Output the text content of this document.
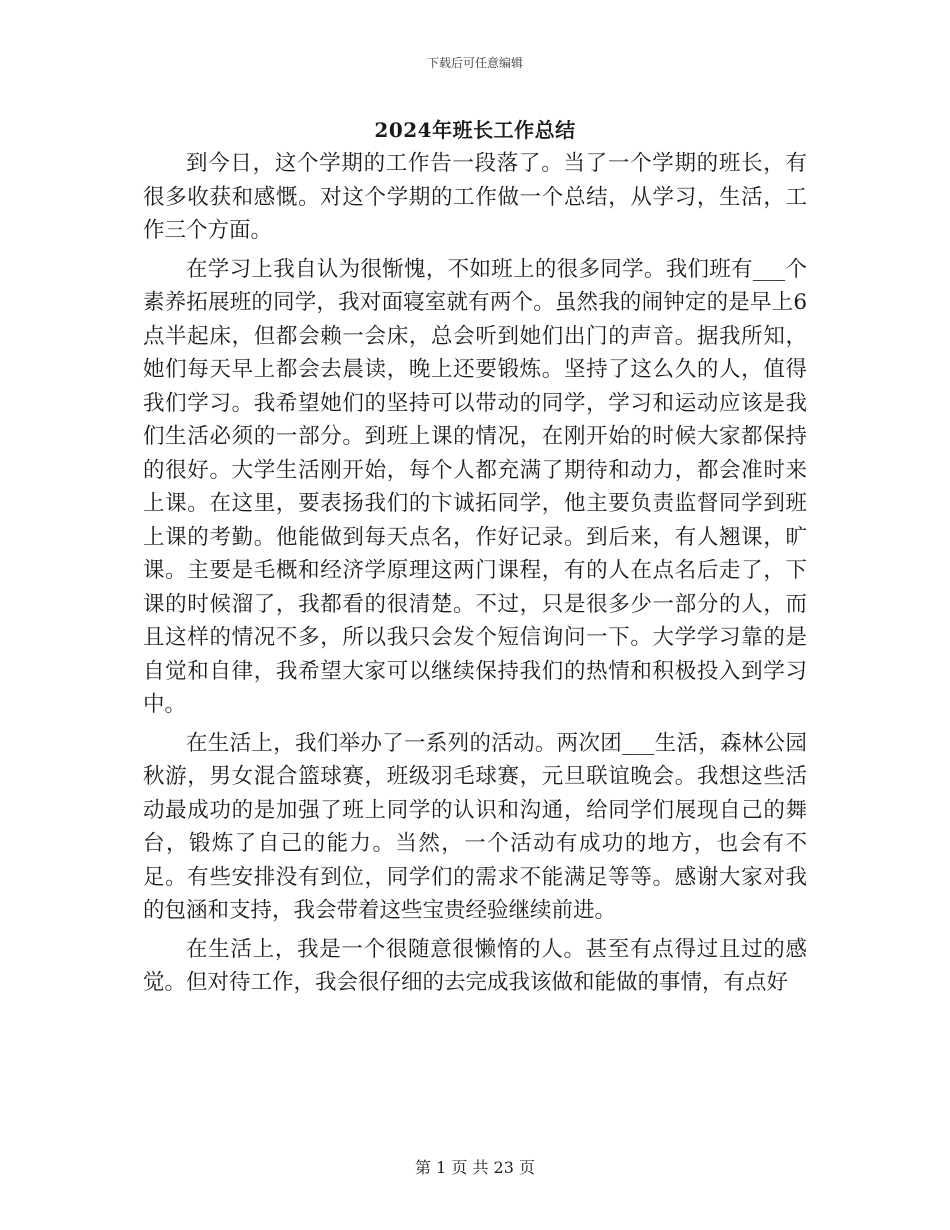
下载后可任意编辑
2024年班长工作总结

到今日，这个学期的工作告一段落了。当了一个学期的班长，有很多收获和感慨。对这个学期的工作做一个总结，从学习，生活，工作三个方面。

在学习上我自认为很惭愧，不如班上的很多同学。我们班有___个素养拓展班的同学，我对面寝室就有两个。虽然我的闹钟定的是早上6点半起床，但都会赖一会床，总会听到她们出门的声音。据我所知，她们每天早上都会去晨读，晚上还要锻炼。坚持了这么久的人，值得我们学习。我希望她们的坚持可以带动的同学，学习和运动应该是我们生活必须的一部分。到班上课的情况，在刚开始的时候大家都保持的很好。大学生活刚开始，每个人都充满了期待和动力，都会准时来上课。在这里，要表扬我们的卞诚拓同学，他主要负责监督同学到班上课的考勤。他能做到每天点名，作好记录。到后来，有人翘课，旷课。主要是毛概和经济学原理这两门课程，有的人在点名后走了，下课的时候溜了，我都看的很清楚。不过，只是很多少一部分的人，而且这样的情况不多，所以我只会发个短信询问一下。大学学习靠的是自觉和自律，我希望大家可以继续保持我们的热情和积极投入到学习中。

在生活上，我们举办了一系列的活动。两次团___生活，森林公园秋游，男女混合篮球赛，班级羽毛球赛，元旦联谊晚会。我想这些活动最成功的是加强了班上同学的认识和沟通，给同学们展现自己的舞台，锻炼了自己的能力。当然，一个活动有成功的地方，也会有不足。有些安排没有到位，同学们的需求不能满足等等。感谢大家对我的包涵和支持，我会带着这些宝贵经验继续前进。

在生活上，我是一个很随意很懒惰的人。甚至有点得过且过的感觉。但对待工作，我会很仔细的去完成我该做和能做的事情，有点好

第 1 页 共 23 页
